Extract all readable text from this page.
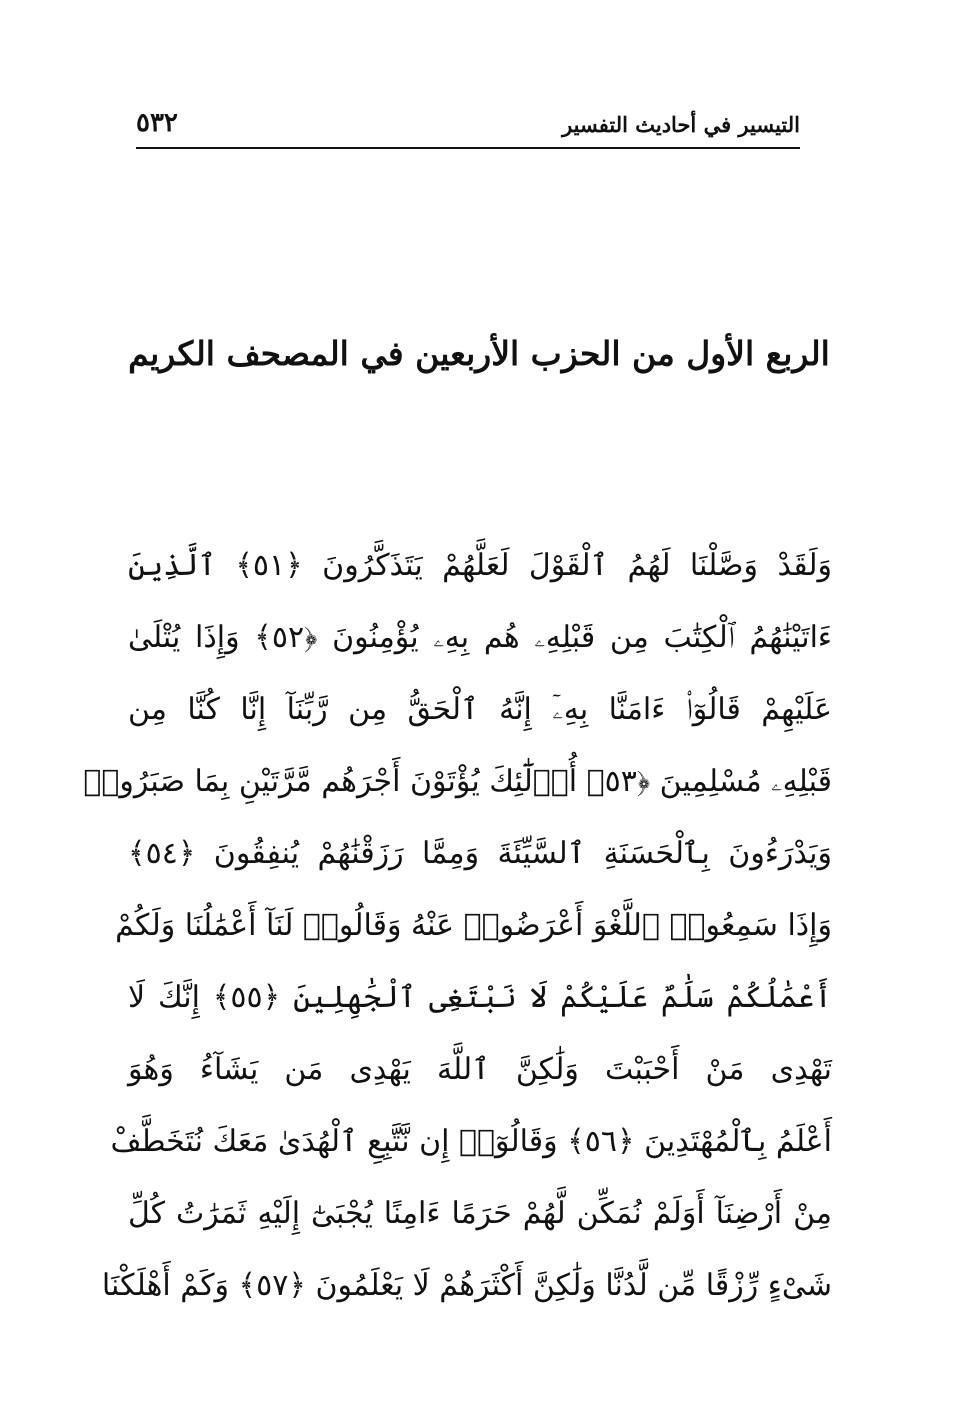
التيسير في أحاديث التفسير
٥٣٢
الربع الأول من الحزب الأربعين في المصحف الكريم
وَلَقَدْ وَصَّلْنَا لَهُمُ ٱلْقَوْلَ لَعَلَّهُمْ يَتَذَكَّرُونَ ﴿٥١﴾ ٱلَّذِينَ
ءَاتَيْنَٰهُمُ ٱلْكِتَٰبَ مِن قَبْلِهِۦ هُم بِهِۦ يُؤْمِنُونَ ﴿٥٢﴾ وَإِذَا يُتْلَىٰ
عَلَيْهِمْ قَالُوٓا۟ ءَامَنَّا بِهِۦٓ إِنَّهُ ٱلْحَقُّ مِن رَّبِّنَآ إِنَّا كُنَّا مِن
قَبْلِهِۦ مُسْلِمِينَ ﴿٥٣﴾ أُو۟لَٰٓئِكَ يُؤْتَوْنَ أَجْرَهُم مَّرَّتَيْنِ بِمَا صَبَرُوا۟
وَيَدْرَءُونَ بِٱلْحَسَنَةِ ٱلسَّيِّئَةَ وَمِمَّا رَزَقْنَٰهُمْ يُنفِقُونَ ﴿٥٤﴾
وَإِذَا سَمِعُوا۟ ٱللَّغْوَ أَعْرَضُوا۟ عَنْهُ وَقَالُوا۟ لَنَآ أَعْمَٰلُنَا وَلَكُمْ
أَعْمَٰلُكُمْ سَلَٰمٌ عَلَيْكُمْ لَا نَبْتَغِى ٱلْجَٰهِلِينَ ﴿٥٥﴾ إِنَّكَ لَا
تَهْدِى مَنْ أَحْبَبْتَ وَلَٰكِنَّ ٱللَّهَ يَهْدِى مَن يَشَآءُ وَهُوَ
أَعْلَمُ بِٱلْمُهْتَدِينَ ﴿٥٦﴾ وَقَالُوٓا۟ إِن نَّتَّبِعِ ٱلْهُدَىٰ مَعَكَ نُتَخَطَّفْ
مِنْ أَرْضِنَآ أَوَلَمْ نُمَكِّن لَّهُمْ حَرَمًا ءَامِنًا يُجْبَىٰٓ إِلَيْهِ ثَمَرَٰتُ كُلِّ
شَىْءٍ رِّزْقًا مِّن لَّدُنَّا وَلَٰكِنَّ أَكْثَرَهُمْ لَا يَعْلَمُونَ ﴿٥٧﴾ وَكَمْ أَهْلَكْنَا
